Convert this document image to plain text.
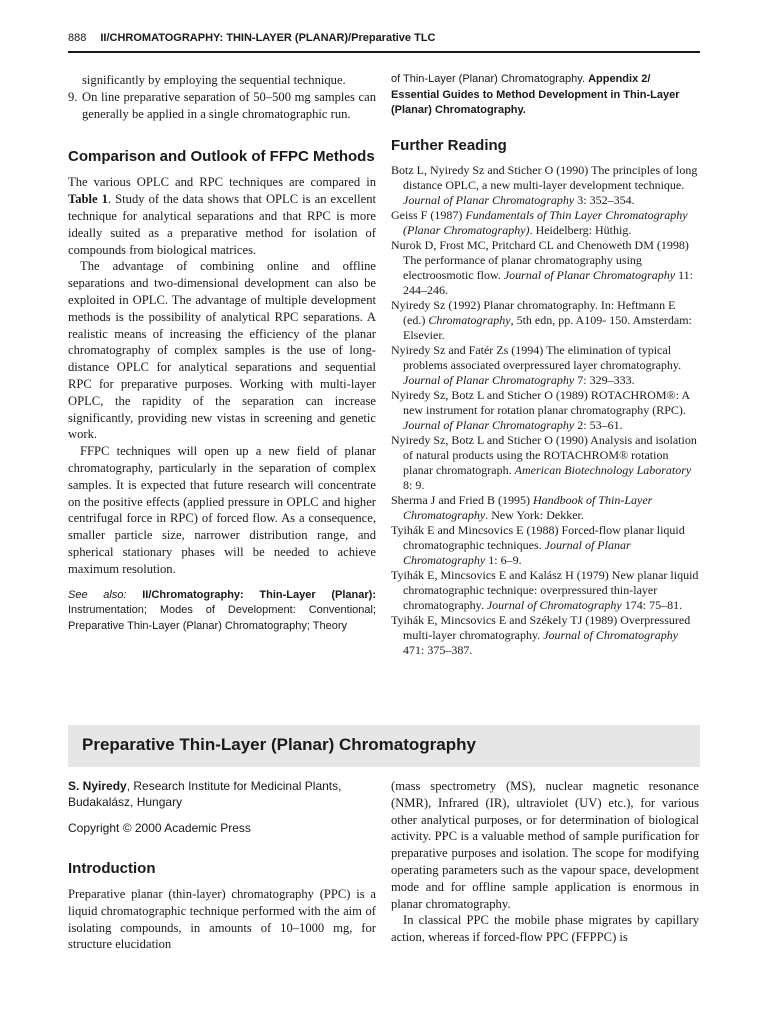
888 II/CHROMATOGRAPHY: THIN-LAYER (PLANAR)/Preparative TLC

significantly by employing the sequential technique.

9. On line preparative separation of 50–500 mg samples can generally be applied in a single chromatographic run.
Comparison and Outlook of FFPC Methods

The various OPLC and RPC techniques are compared in Table 1. Study of the data shows that OPLC is an excellent technique for analytical separations and that RPC is more ideally suited as a preparative method for isolation of compounds from biological matrices.

The advantage of combining online and offline separations and two-dimensional development can also be exploited in OPLC. The advantage of multiple development methods is the possibility of analytical RPC separations. A realistic means of increasing the efficiency of the planar chromatography of complex samples is the use of long-distance OPLC for analytical separations and sequential RPC for preparative purposes. Working with multi-layer OPLC, the rapidity of the separation can increase significantly, providing new vistas in screening and genetic work.

FFPC techniques will open up a new field of planar chromatography, particularly in the separation of complex samples. It is expected that future research will concentrate on the positive effects (applied pressure in OPLC and higher centrifugal force in RPC) of forced flow. As a consequence, smaller particle size, narrower distribution range, and spherical stationary phases will be needed to achieve maximum resolution.

See also: II/Chromatography: Thin-Layer (Planar): Instrumentation; Modes of Development: Conventional; Preparative Thin-Layer (Planar) Chromatography; Theory

of Thin-Layer (Planar) Chromatography. Appendix 2/ Essential Guides to Method Development in Thin-Layer (Planar) Chromatography.

Further Reading

Botz L, Nyiredy Sz and Sticher O (1990) The principles of long distance OPLC, a new multi-layer development technique. Journal of Planar Chromatography 3: 352–354.

Geiss F (1987) Fundamentals of Thin Layer Chromatography (Planar Chromatography). Heidelberg: Hüthig.

Nurok D, Frost MC, Pritchard CL and Chenoweth DM (1998) The performance of planar chromatography using electroosmotic flow. Journal of Planar Chromatography 11: 244–246.

Nyiredy Sz (1992) Planar chromatography. In: Heftmann E (ed.) Chromatography, 5th edn, pp. A109- 150. Amsterdam: Elsevier.

Nyiredy Sz and Fatér Zs (1994) The elimination of typical problems associated overpressured layer chromatography. Journal of Planar Chromatography 7: 329–333.

Nyiredy Sz, Botz L and Sticher O (1989) ROTACHROM®: A new instrument for rotation planar chromatography (RPC). Journal of Planar Chromatography 2: 53–61.

Nyiredy Sz, Botz L and Sticher O (1990) Analysis and isolation of natural products using the ROTACHROM® rotation planar chromatograph. American Biotechnology Laboratory 8: 9.

Sherma J and Fried B (1995) Handbook of Thin-Layer Chromatography. New York: Dekker.

Tyihák E and Mincsovics E (1988) Forced-flow planar liquid chromatographic techniques. Journal of Planar Chromatography 1: 6–9.

Tyihák E, Mincsovics E and Kalász H (1979) New planar liquid chromatographic technique: overpressured thin-layer chromatography. Journal of Chromatography 174: 75–81.

Tyihák E, Mincsovics E and Székely TJ (1989) Overpressured multi-layer chromatography. Journal of Chromatography 471: 375–387.

Preparative Thin-Layer (Planar) Chromatography

S. Nyiredy, Research Institute for Medicinal Plants, Budakalász, Hungary

Copyright © 2000 Academic Press

Introduction

Preparative planar (thin-layer) chromatography (PPC) is a liquid chromatographic technique performed with the aim of isolating compounds, in amounts of 10–1000 mg, for structure elucidation

(mass spectrometry (MS), nuclear magnetic resonance (NMR), Infrared (IR), ultraviolet (UV) etc.), for various other analytical purposes, or for determination of biological activity. PPC is a valuable method of sample purification for preparative purposes and isolation. The scope for modifying operating parameters such as the vapour space, development mode and for offline sample application is enormous in planar chromatography.

In classical PPC the mobile phase migrates by capillary action, whereas if forced-flow PPC (FFPPC) is
